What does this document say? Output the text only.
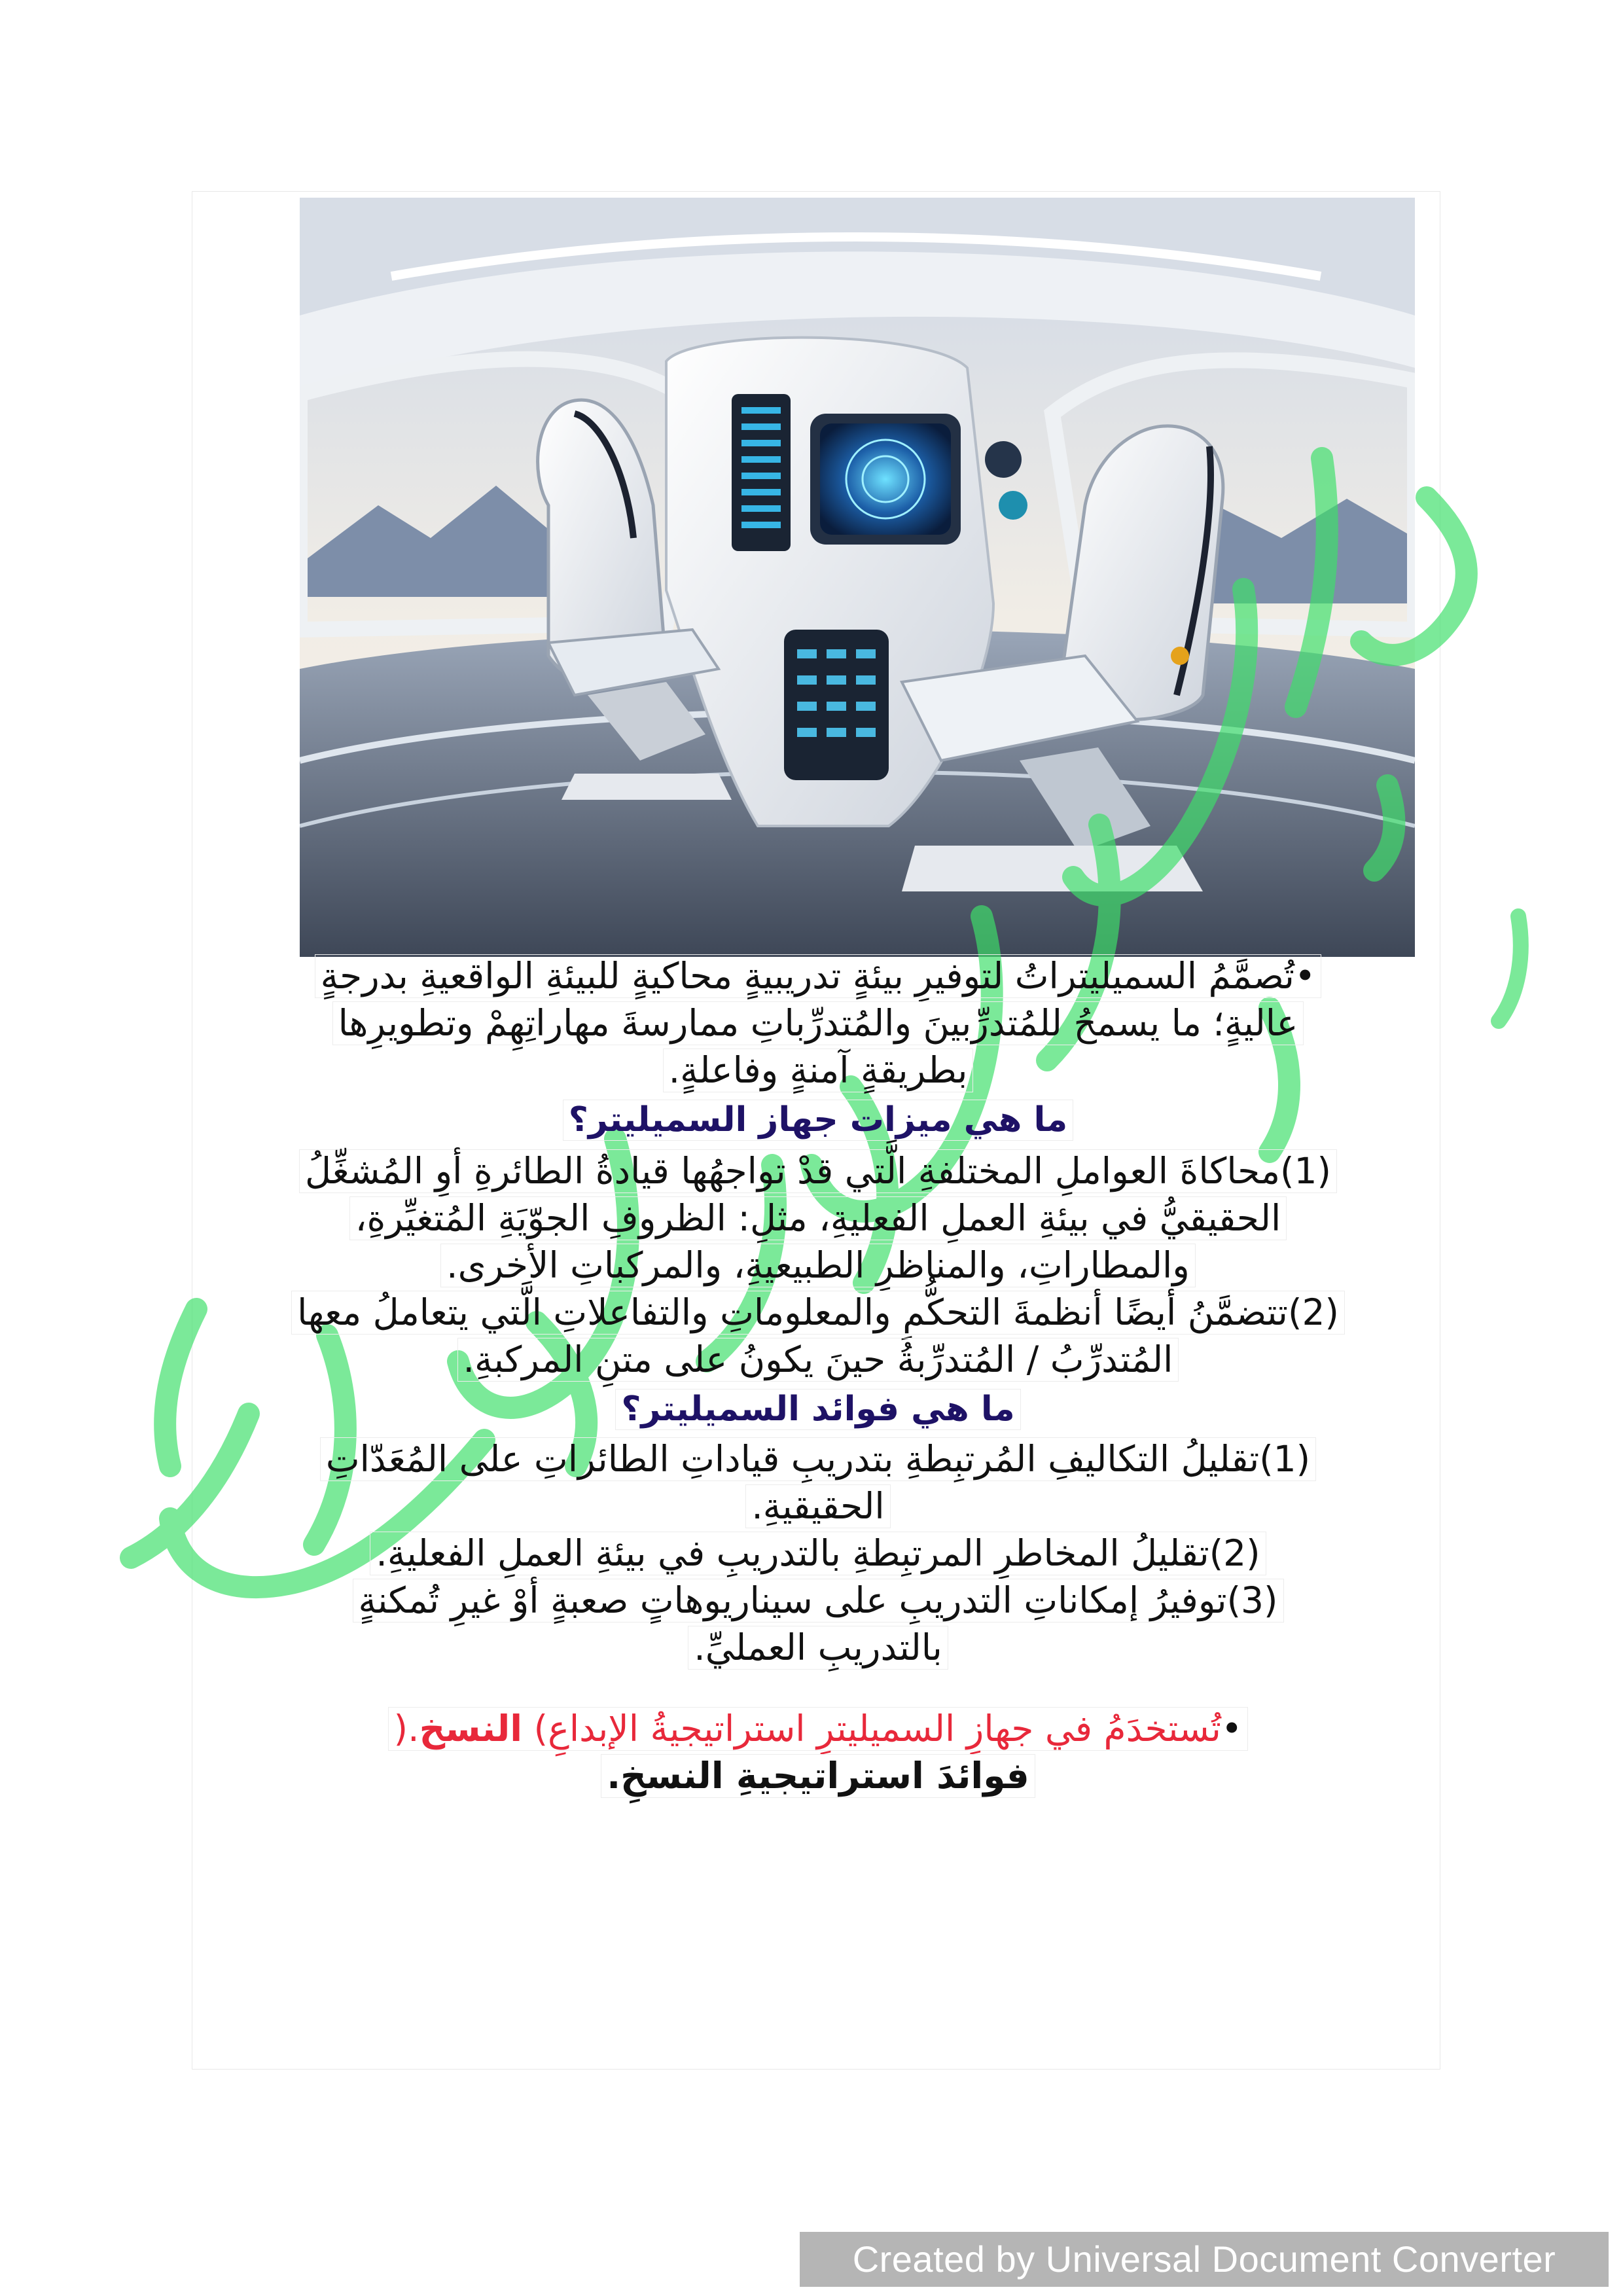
•تُصمَّمُ السميليتراتُ لتوفيرِ بيئةٍ تدريبيةٍ محاكيةٍ للبيئةِ الواقعيةِ بدرجةٍ
عاليةٍ؛ ما يسمحُ للمُتدرِّبينَ والمُتدرِّباتِ ممارسةَ مهاراتِهِمْ وتطويرِها
بطريقةٍ آمنةٍ وفاعلةٍ.
ما هي ميزات جهاز السميليتر؟
(1)محاكاةَ العواملِ المختلفةِ الَّتي قدْ تواجهُها قيادةُ الطائرةِ أوِ المُشغِّلُ
الحقيقيُّ في بيئةِ العملِ الفعليةِ، مثلِ: الظروفِ الجوّيَةِ المُتغيِّرةِ،
والمطاراتِ، والمناظرِ الطبيعيةِ، والمركباتِ الأخرى.
(2)تتضمَّنُ أيضًا أنظمةَ التحكُّمِ والمعلوماتِ والتفاعلاتِ الَّتي يتعاملُ معها
المُتدرِّبُ / المُتدرِّبةُ حينَ يكونُ على متنِ المركبةِ.
ما هي فوائد السميليتر؟
(1)تقليلُ التكاليفِ المُرتبِطةِ بتدريبِ قياداتِ الطائراتِ على المُعَدّاتِ
الحقيقيةِ.
(2)تقليلُ المخاطرِ المرتبِطةِ بالتدريبِ في بيئةِ العملِ الفعليةِ.
(3)توفيرُ إمكاناتِ التدريبِ على سيناريوهاتٍ صعبةٍ أوْ غيرِ تُمكنةٍ
بالتدريبِ العمليِّ.
•تُستخدَمُ في جهازِ السميليترِ استراتيجيةُ الإبداعِ) النسخ.(
فوائدَ استراتيجيةِ النسخِ.
Created by Universal Document Converter
